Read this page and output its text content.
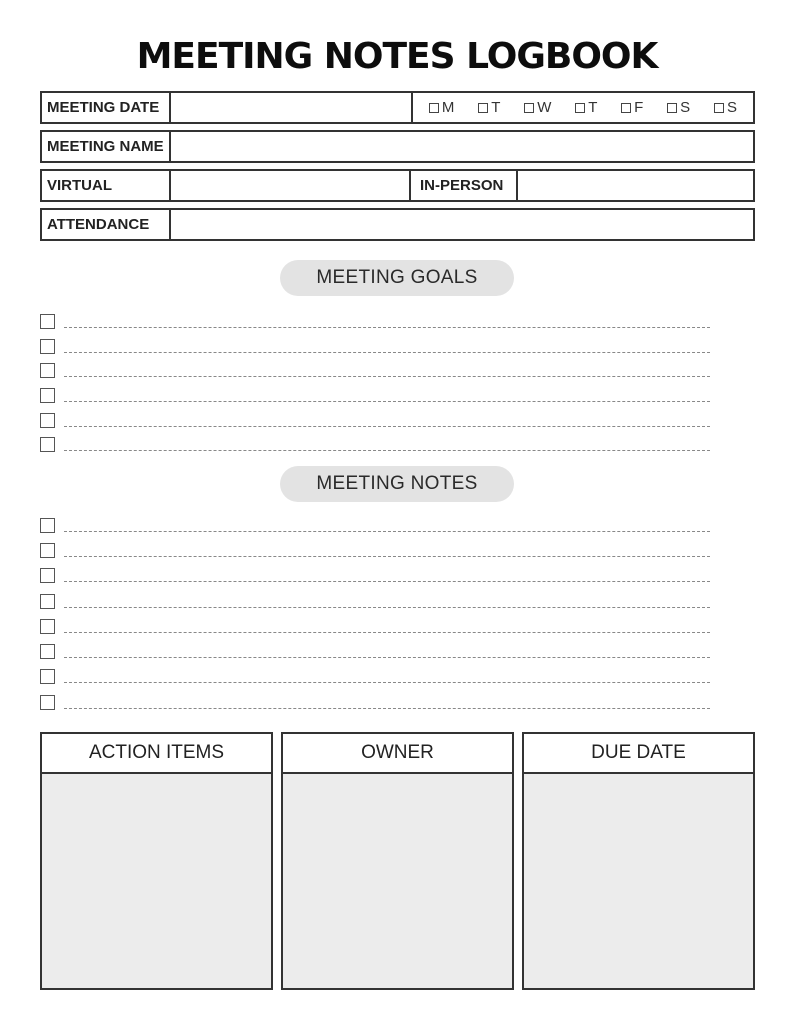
MEETING NOTES LOGBOOK
MEETING DATE	M T W T F S S
MEETING NAME
VIRTUAL	IN-PERSON
ATTENDANCE
MEETING GOALS
MEETING NOTES
ACTION ITEMS	OWNER	DUE DATE
